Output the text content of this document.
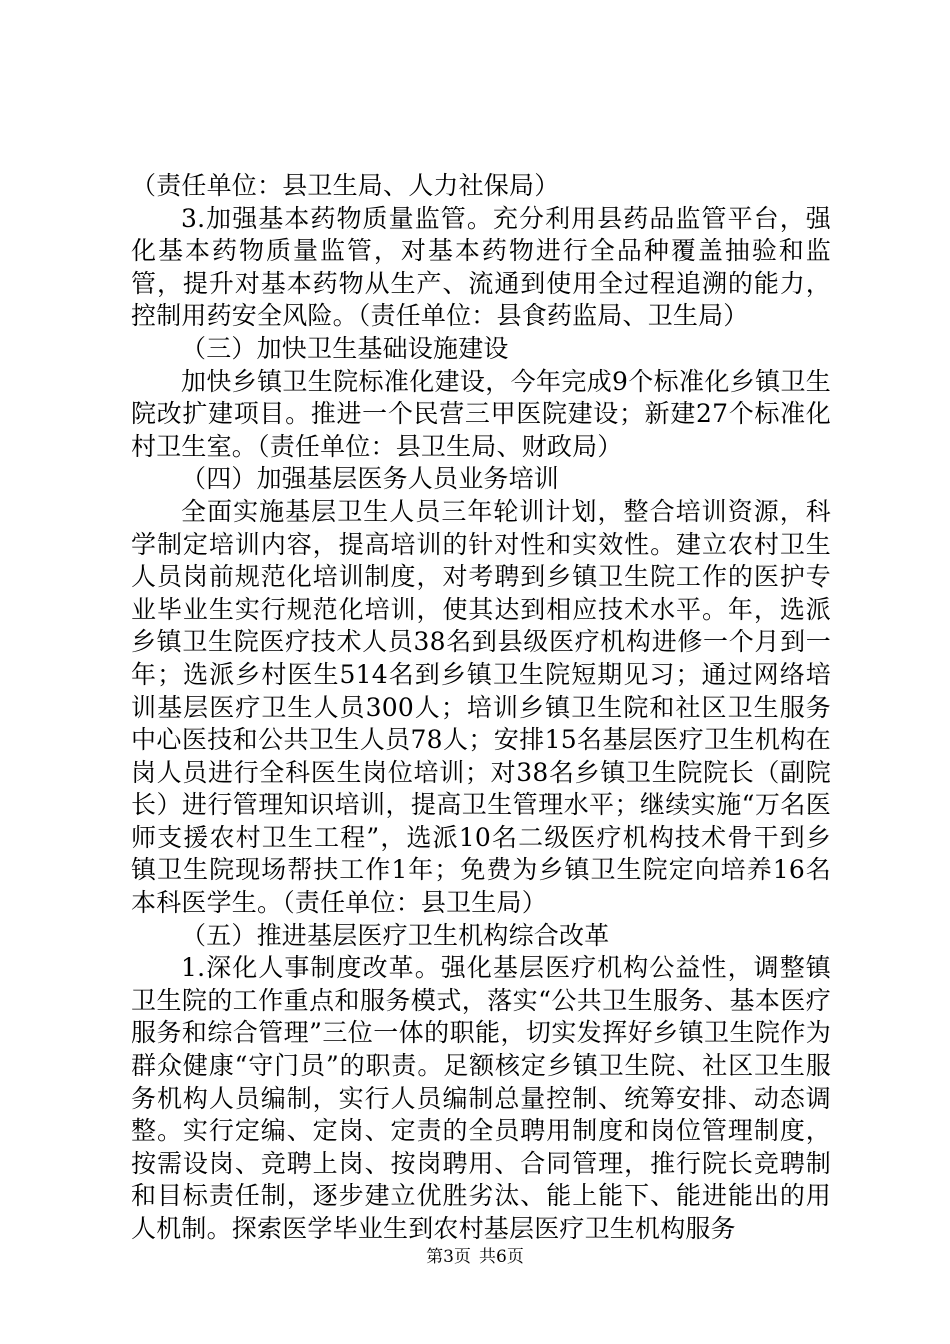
（责任单位：县卫生局、人力社保局）

3.加强基本药物质量监管。充分利用县药品监管平台，强化基本药物质量监管，对基本药物进行全品种覆盖抽验和监管，提升对基本药物从生产、流通到使用全过程追溯的能力，控制用药安全风险。（责任单位：县食药监局、卫生局）

（三）加快卫生基础设施建设

加快乡镇卫生院标准化建设，今年完成9个标准化乡镇卫生院改扩建项目。推进一个民营三甲医院建设；新建27个标准化村卫生室。（责任单位：县卫生局、财政局）

（四）加强基层医务人员业务培训

全面实施基层卫生人员三年轮训计划，整合培训资源，科学制定培训内容，提高培训的针对性和实效性。建立农村卫生人员岗前规范化培训制度，对考聘到乡镇卫生院工作的医护专业毕业生实行规范化培训，使其达到相应技术水平。年，选派乡镇卫生院医疗技术人员38名到县级医疗机构进修一个月到一年；选派乡村医生514名到乡镇卫生院短期见习；通过网络培训基层医疗卫生人员300人；培训乡镇卫生院和社区卫生服务中心医技和公共卫生人员78人；安排15名基层医疗卫生机构在岗人员进行全科医生岗位培训；对38名乡镇卫生院院长（副院长）进行管理知识培训，提高卫生管理水平；继续实施“万名医师支援农村卫生工程”，选派10名二级医疗机构技术骨干到乡镇卫生院现场帮扶工作1年；免费为乡镇卫生院定向培养16名本科医学生。（责任单位：县卫生局）

（五）推进基层医疗卫生机构综合改革

1.深化人事制度改革。强化基层医疗机构公益性，调整镇卫生院的工作重点和服务模式，落实“公共卫生服务、基本医疗服务和综合管理”三位一体的职能，切实发挥好乡镇卫生院作为群众健康“守门员”的职责。足额核定乡镇卫生院、社区卫生服务机构人员编制，实行人员编制总量控制、统筹安排、动态调整。实行定编、定岗、定责的全员聘用制度和岗位管理制度，按需设岗、竞聘上岗、按岗聘用、合同管理，推行院长竞聘制和目标责任制，逐步建立优胜劣汰、能上能下、能进能出的用人机制。探索医学毕业生到农村基层医疗卫生机构服务

第3页 共6页
